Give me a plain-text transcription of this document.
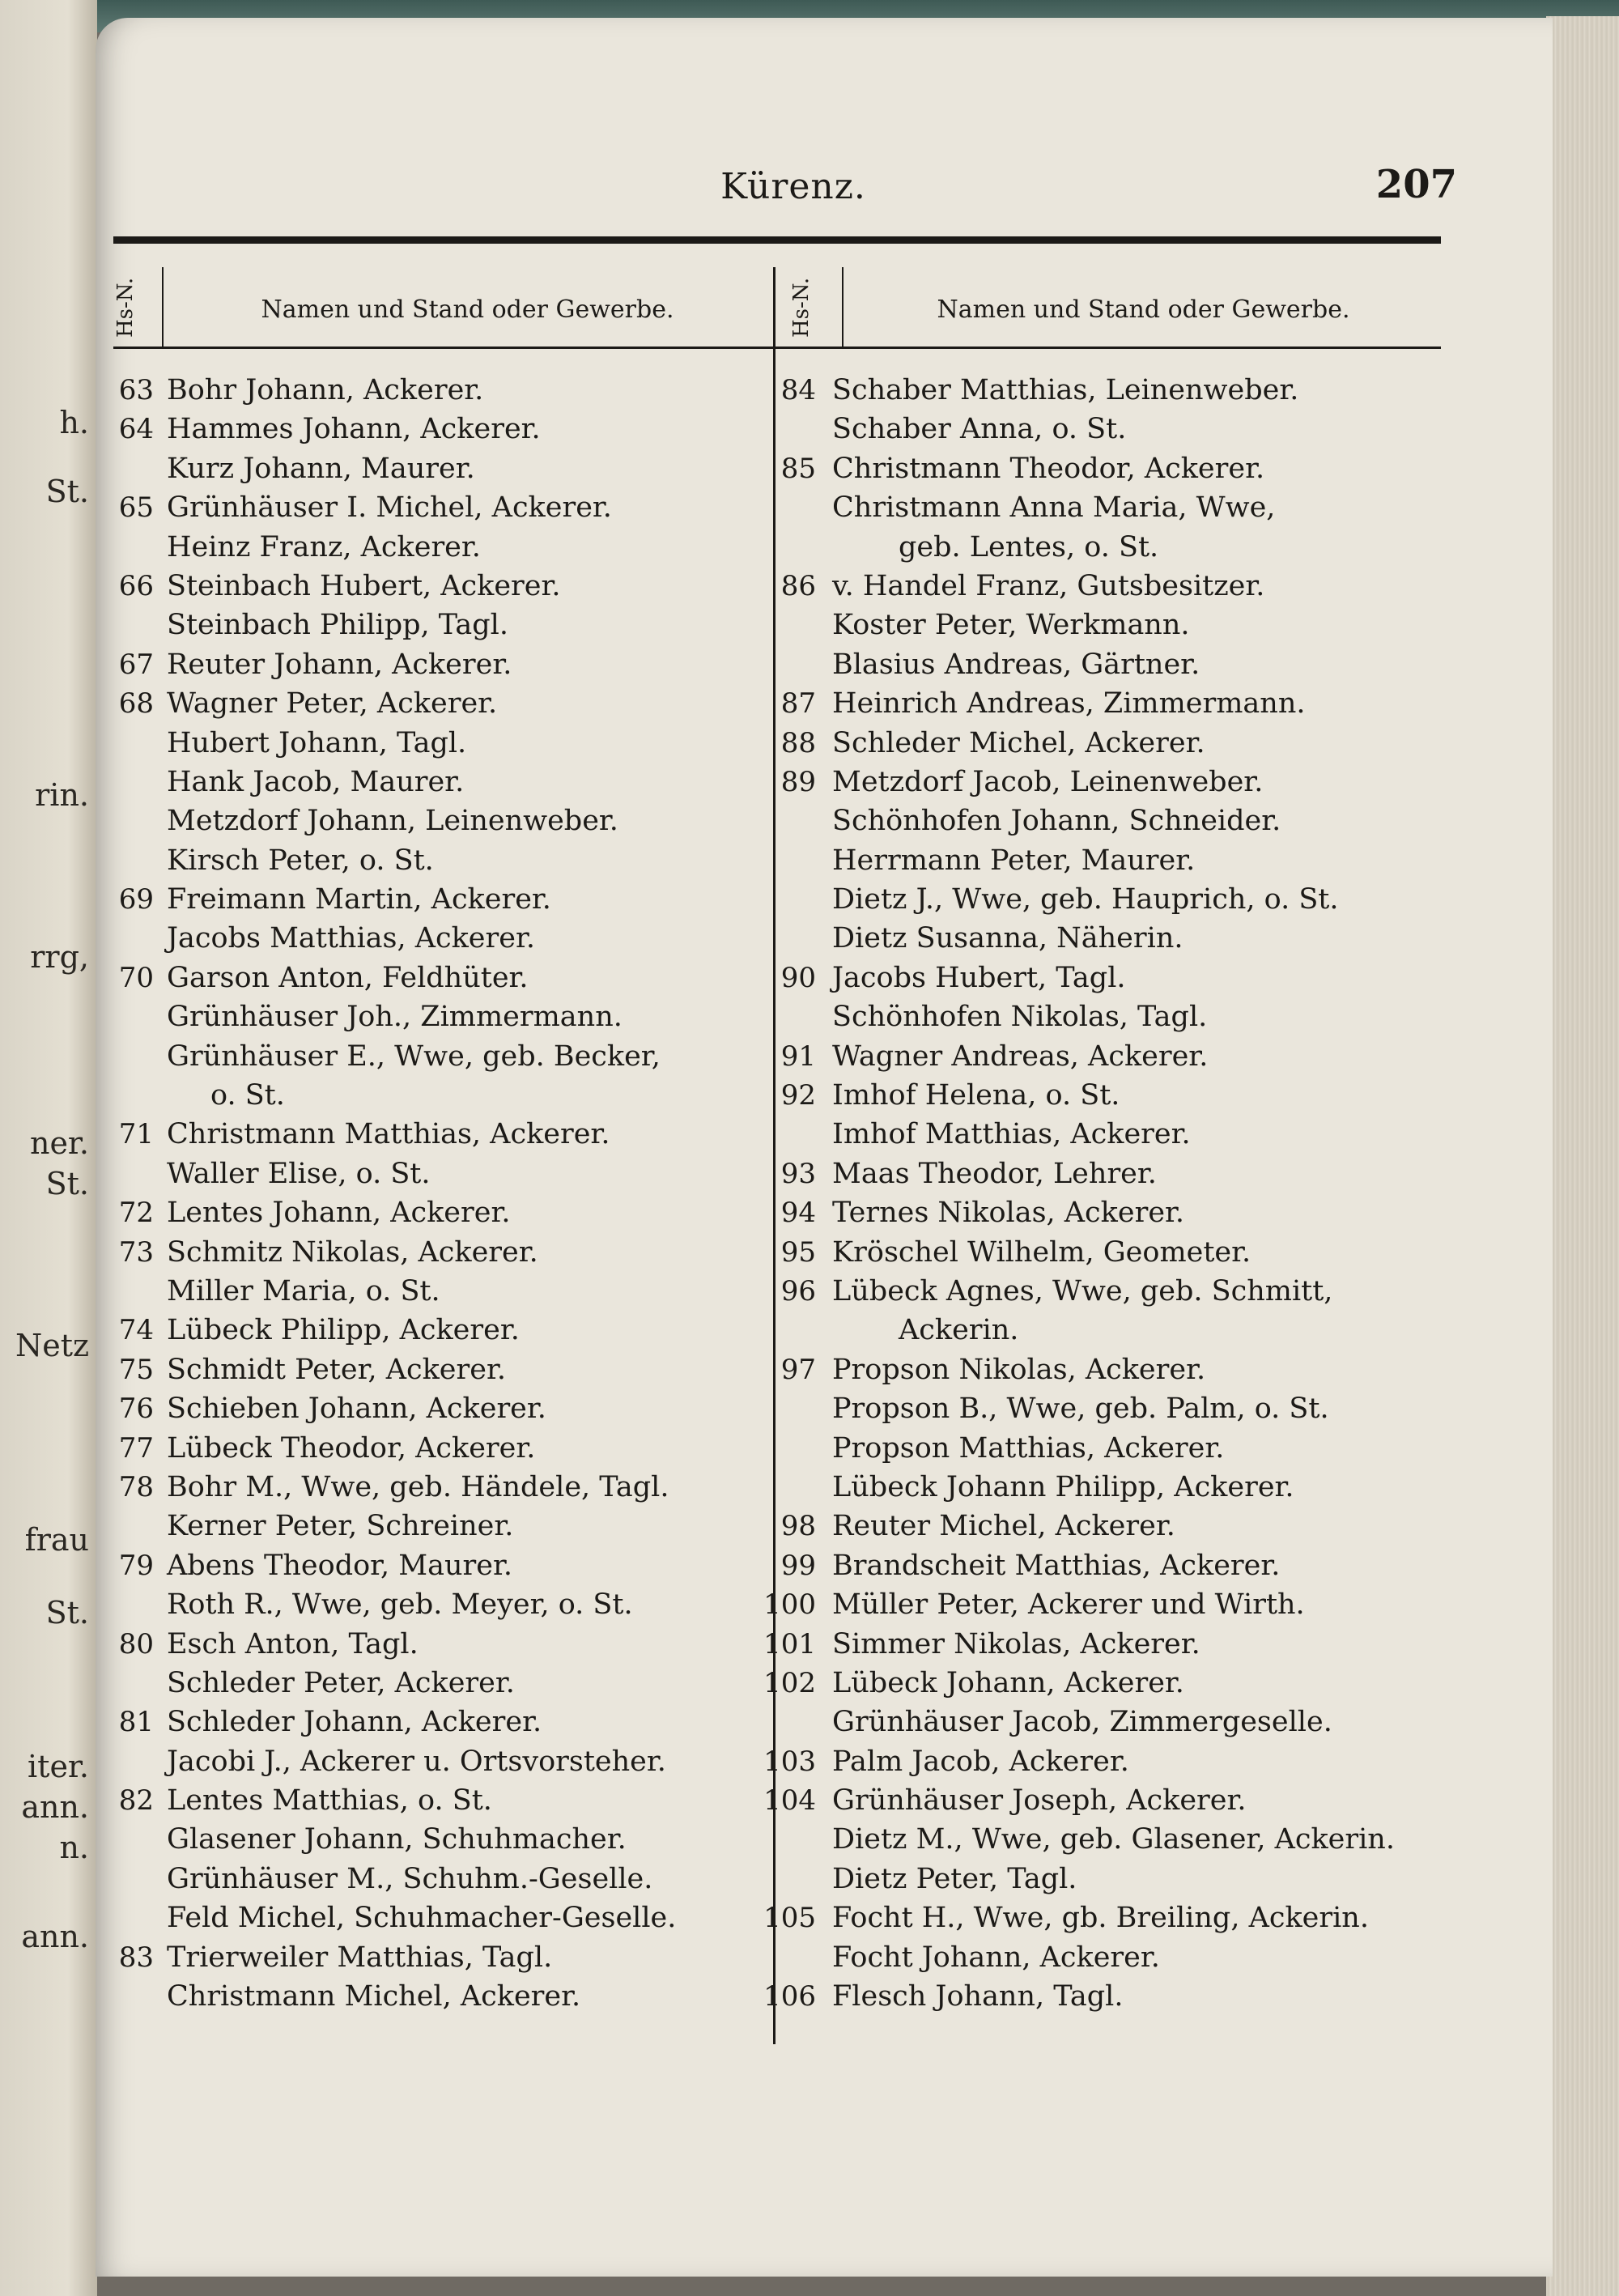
h.
St.
rin.
rrg,
ner.
St.
Netz
frau
St.
iter.
ann.
n.
ann.
Kürenz.	207
Hs-N.	Namen und Stand oder Gewerbe.	Hs-N.	Namen und Stand oder Gewerbe.
63 Bohr Johann, Ackerer.
64 Hammes Johann, Ackerer.
Kurz Johann, Maurer.
65 Grünhäuser I. Michel, Ackerer.
Heinz Franz, Ackerer.
66 Steinbach Hubert, Ackerer.
Steinbach Philipp, Tagl.
67 Reuter Johann, Ackerer.
68 Wagner Peter, Ackerer.
Hubert Johann, Tagl.
Hank Jacob, Maurer.
Metzdorf Johann, Leinenweber.
Kirsch Peter, o. St.
69 Freimann Martin, Ackerer.
Jacobs Matthias, Ackerer.
70 Garson Anton, Feldhüter.
Grünhäuser Joh., Zimmermann.
Grünhäuser E., Wwe, geb. Becker,
o. St.
71 Christmann Matthias, Ackerer.
Waller Elise, o. St.
72 Lentes Johann, Ackerer.
73 Schmitz Nikolas, Ackerer.
Miller Maria, o. St.
74 Lübeck Philipp, Ackerer.
75 Schmidt Peter, Ackerer.
76 Schieben Johann, Ackerer.
77 Lübeck Theodor, Ackerer.
78 Bohr M., Wwe, geb. Händele, Tagl.
Kerner Peter, Schreiner.
79 Abens Theodor, Maurer.
Roth R., Wwe, geb. Meyer, o. St.
80 Esch Anton, Tagl.
Schleder Peter, Ackerer.
81 Schleder Johann, Ackerer.
Jacobi J., Ackerer u. Ortsvorsteher.
82 Lentes Matthias, o. St.
Glasener Johann, Schuhmacher.
Grünhäuser M., Schuhm.-Geselle.
Feld Michel, Schuhmacher-Geselle.
83 Trierweiler Matthias, Tagl.
Christmann Michel, Ackerer.
84 Schaber Matthias, Leinenweber.
Schaber Anna, o. St.
85 Christmann Theodor, Ackerer.
Christmann Anna Maria, Wwe,
geb. Lentes, o. St.
86 v. Handel Franz, Gutsbesitzer.
Koster Peter, Werkmann.
Blasius Andreas, Gärtner.
87 Heinrich Andreas, Zimmermann.
88 Schleder Michel, Ackerer.
89 Metzdorf Jacob, Leinenweber.
Schönhofen Johann, Schneider.
Herrmann Peter, Maurer.
Dietz J., Wwe, geb. Hauprich, o. St.
Dietz Susanna, Näherin.
90 Jacobs Hubert, Tagl.
Schönhofen Nikolas, Tagl.
91 Wagner Andreas, Ackerer.
92 Imhof Helena, o. St.
Imhof Matthias, Ackerer.
93 Maas Theodor, Lehrer.
94 Ternes Nikolas, Ackerer.
95 Kröschel Wilhelm, Geometer.
96 Lübeck Agnes, Wwe, geb. Schmitt,
Ackerin.
97 Propson Nikolas, Ackerer.
Propson B., Wwe, geb. Palm, o. St.
Propson Matthias, Ackerer.
Lübeck Johann Philipp, Ackerer.
98 Reuter Michel, Ackerer.
99 Brandscheit Matthias, Ackerer.
100 Müller Peter, Ackerer und Wirth.
101 Simmer Nikolas, Ackerer.
102 Lübeck Johann, Ackerer.
Grünhäuser Jacob, Zimmergeselle.
103 Palm Jacob, Ackerer.
104 Grünhäuser Joseph, Ackerer.
Dietz M., Wwe, geb. Glasener, Ackerin.
Dietz Peter, Tagl.
105 Focht H., Wwe, gb. Breiling, Ackerin.
Focht Johann, Ackerer.
106 Flesch Johann, Tagl.
